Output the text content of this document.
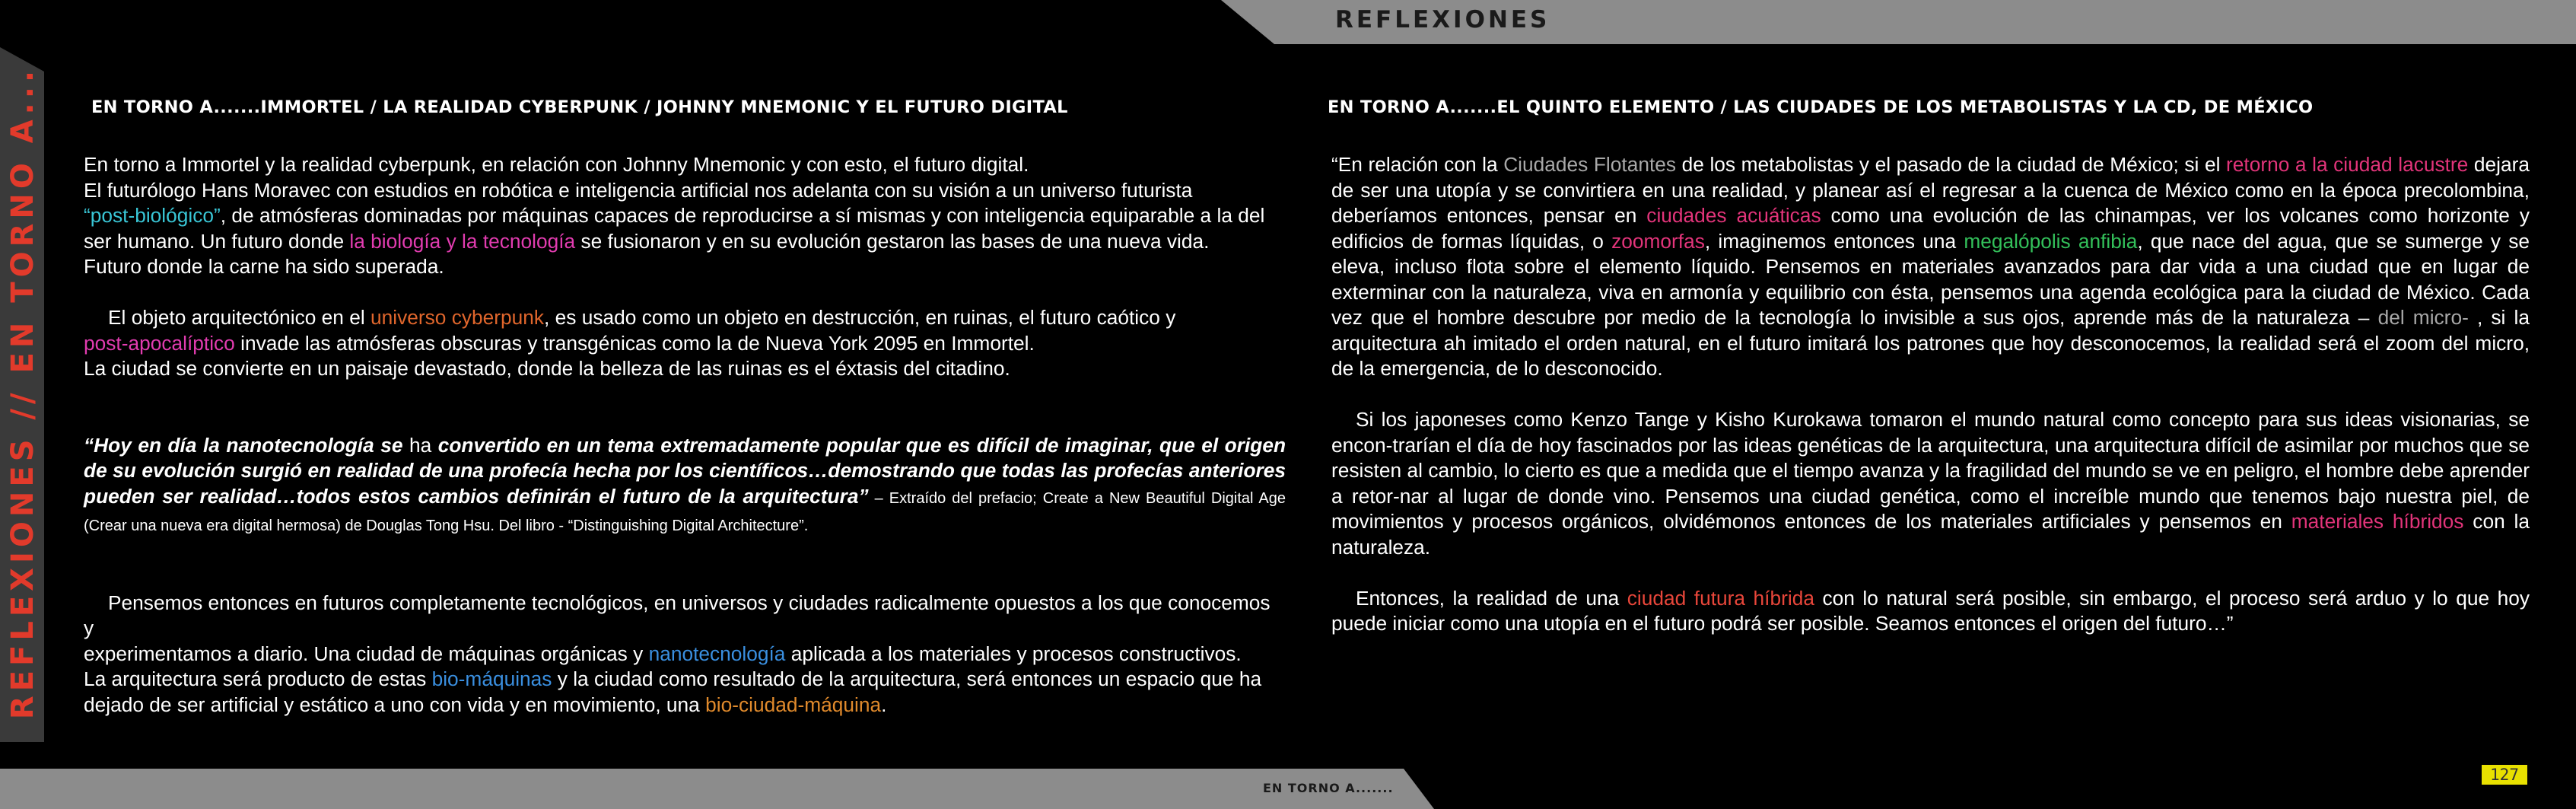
REFLEXIONES
REFLEXIONES // EN TORNO A...	EN TORNO A.......IMMORTEL / LA REALIDAD CYBERPUNK / JOHNNY MNEMONIC Y EL FUTURO DIGITAL

En torno a Immortel y la realidad cyberpunk, en relación con Johnny Mnemonic y con esto, el futuro digital.
El futurólogo Hans Moravec con estudios en robótica e inteligencia artificial nos adelanta con su visión a un universo futurista
“post-biológico”, de atmósferas dominadas por máquinas capaces de reproducirse a sí mismas y con inteligencia equiparable a la del
ser humano. Un futuro donde la biología y la tecnología se fusionaron y en su evolución gestaron las bases de una nueva vida.
Futuro donde la carne ha sido superada.

El objeto arquitectónico en el universo cyberpunk, es usado como un objeto en destrucción, en ruinas, el futuro caótico y
post-apocalíptico invade las atmósferas obscuras y transgénicas como la de Nueva York 2095 en Immortel.
La ciudad se convierte en un paisaje devastado, donde la belleza de las ruinas es el éxtasis del citadino.

“Hoy en día la nanotecnología se ha convertido en un tema extremadamente popular que es difícil de imaginar, que el origen de su evolución surgió en realidad de una profecía hecha por los científicos…demostrando que todas las profecías anteriores pueden ser realidad…todos estos cambios definirán el futuro de la arquitectura” – Extraído del prefacio; Create a New Beautiful Digital Age (Crear una nueva era digital hermosa) de Douglas Tong Hsu. Del libro - “Distinguishing Digital Architecture”.

Pensemos entonces en futuros completamente tecnológicos, en universos y ciudades radicalmente opuestos a los que conocemos y
experimentamos a diario. Una ciudad de máquinas orgánicas y nanotecnología aplicada a los materiales y procesos constructivos.
La arquitectura será producto de estas bio-máquinas y la ciudad como resultado de la arquitectura, será entonces un espacio que ha
dejado de ser artificial y estático a uno con vida y en movimiento, una bio-ciudad-máquina.

EN TORNO A.......EL QUINTO ELEMENTO / LAS CIUDADES DE LOS METABOLISTAS Y LA CD, DE MÉXICO

“En relación con la Ciudades Flotantes de los metabolistas y el pasado de la ciudad de México; si el retorno a la ciudad lacustre dejara de ser una utopía y se convirtiera en una realidad, y planear así el regresar a la cuenca de México como en la época precolombina, deberíamos entonces, pensar en ciudades acuáticas como una evolución de las chinampas, ver los volcanes como horizonte y edificios de formas líquidas, o zoomorfas, imaginemos entonces una megalópolis anfibia, que nace del agua, que se sumerge y se eleva, incluso flota sobre el elemento líquido. Pensemos en materiales avanzados para dar vida a una ciudad que en lugar de exterminar con la naturaleza, viva en armonía y equilibrio con ésta, pensemos una agenda ecológica para la ciudad de México. Cada vez que el hombre descubre por medio de la tecnología lo invisible a sus ojos, aprende más de la naturaleza – del micro- , si la arquitectura ah imitado el orden natural, en el futuro imitará los patrones que hoy desconocemos, la realidad será el zoom del micro, de la emergencia, de lo desconocido.

Si los japoneses como Kenzo Tange y Kisho Kurokawa tomaron el mundo natural como concepto para sus ideas visionarias, se encon-trarían el día de hoy fascinados por las ideas genéticas de la arquitectura, una arquitectura difícil de asimilar por muchos que se resisten al cambio, lo cierto es que a medida que el tiempo avanza y la fragilidad del mundo se ve en peligro, el hombre debe aprender a retor-nar al lugar de donde vino. Pensemos una ciudad genética, como el increíble mundo que tenemos bajo nuestra piel, de movimientos y procesos orgánicos, olvidémonos entonces de los materiales artificiales y pensemos en materiales híbridos con la naturaleza.

Entonces, la realidad de una ciudad futura híbrida con lo natural será posible, sin embargo, el proceso será arduo y lo que hoy puede iniciar como una utopía en el futuro podrá ser posible. Seamos entonces el origen del futuro…”

EN TORNO A.......
127
